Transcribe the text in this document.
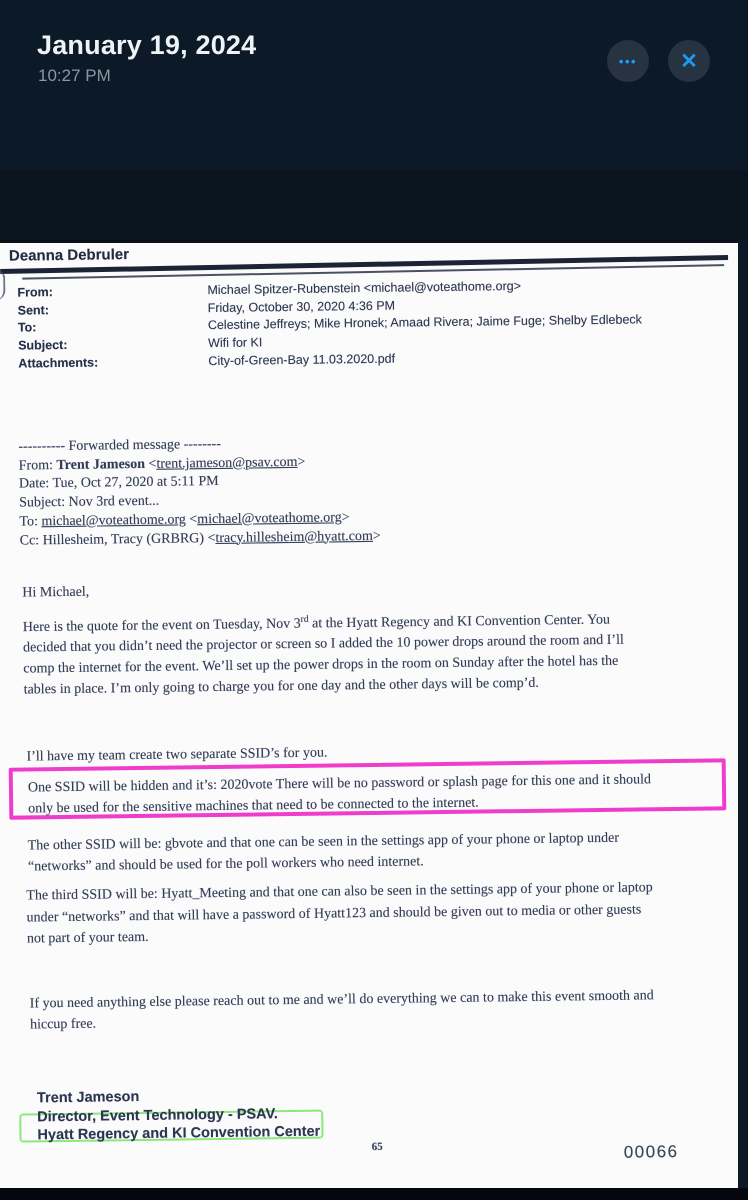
January 19, 2024
10:27 PM
••• ✕
Deanna Debruler
From:	Michael Spitzer-Rubenstein <michael@voteathome.org>
Sent:	Friday, October 30, 2020 4:36 PM
To:	Celestine Jeffreys; Mike Hronek; Amaad Rivera; Jaime Fuge; Shelby Edlebeck
Subject:	Wifi for KI
Attachments:	City-of-Green-Bay 11.03.2020.pdf
---------- Forwarded message --------
From: Trent Jameson <trent.jameson@psav.com>
Date: Tue, Oct 27, 2020 at 5:11 PM
Subject: Nov 3rd event...
To: michael@voteathome.org <michael@voteathome.org>
Cc: Hillesheim, Tracy (GRBRG) <tracy.hillesheim@hyatt.com>
Hi Michael,
Here is the quote for the event on Tuesday, Nov 3rd at the Hyatt Regency and KI Convention Center. You
decided that you didn’t need the projector or screen so I added the 10 power drops around the room and I’ll
comp the internet for the event. We’ll set up the power drops in the room on Sunday after the hotel has the
tables in place. I’m only going to charge you for one day and the other days will be comp’d.
I’ll have my team create two separate SSID’s for you.
One SSID will be hidden and it’s: 2020vote There will be no password or splash page for this one and it should
only be used for the sensitive machines that need to be connected to the internet.
The other SSID will be: gbvote and that one can be seen in the settings app of your phone or laptop under
“networks” and should be used for the poll workers who need internet.
The third SSID will be: Hyatt_Meeting and that one can also be seen in the settings app of your phone or laptop
under “networks” and that will have a password of Hyatt123 and should be given out to media or other guests
not part of your team.
If you need anything else please reach out to me and we’ll do everything we can to make this event smooth and
hiccup free.
Trent Jameson
Director, Event Technology - PSAV.
Hyatt Regency and KI Convention Center
65	00066
